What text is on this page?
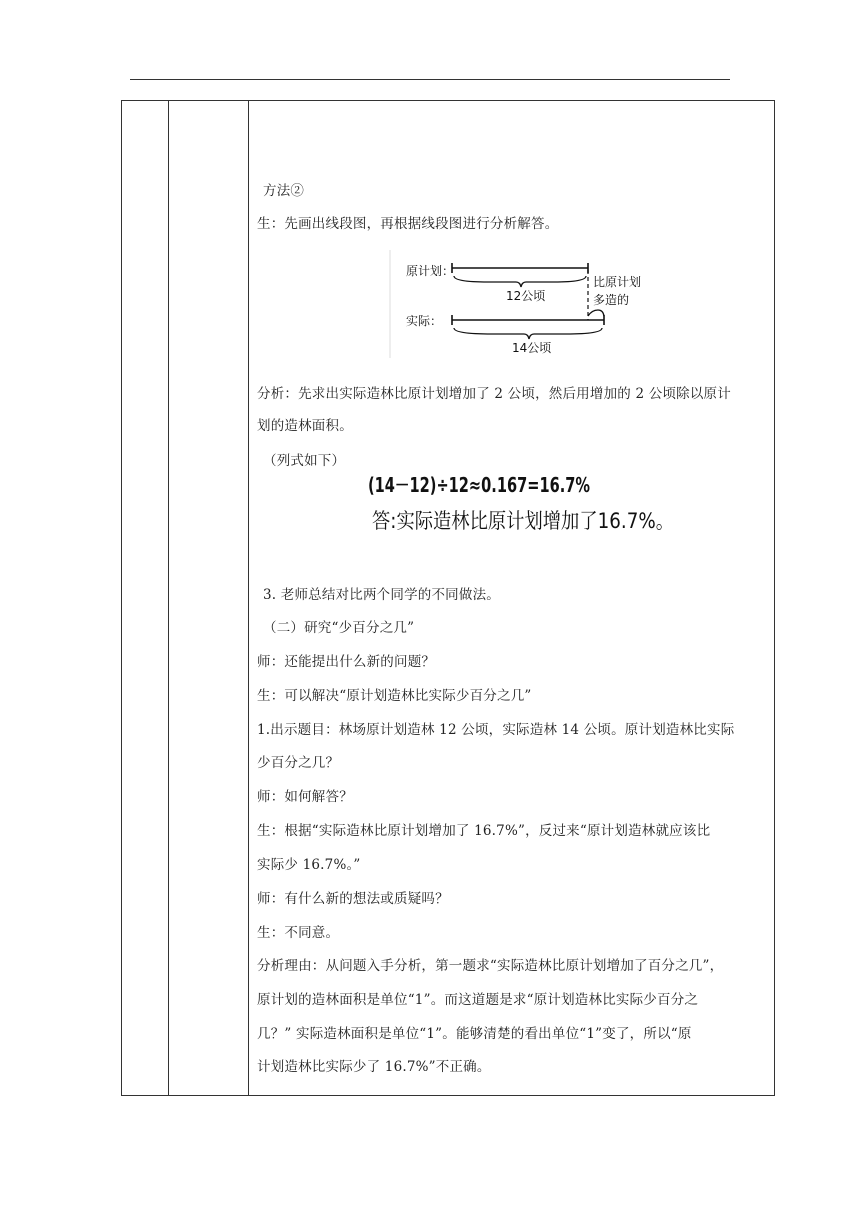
方法②
生：先画出线段图，再根据线段图进行分析解答。
分析：先求出实际造林比原计划增加了 2 公顷，然后用增加的 2 公顷除以原计
划的造林面积。
（列式如下）
3. 老师总结对比两个同学的不同做法。
（二）研究“少百分之几”
师：还能提出什么新的问题？
生：可以解决“原计划造林比实际少百分之几”
1.出示题目：林场原计划造林 12 公顷，实际造林 14 公顷。原计划造林比实际
少百分之几？
师：如何解答？
生：根据“实际造林比原计划增加了 16.7%”，反过来“原计划造林就应该比
实际少 16.7%。”
师：有什么新的想法或质疑吗？
生：不同意。
分析理由：从问题入手分析，第一题求“实际造林比原计划增加了百分之几”，
原计划的造林面积是单位“1”。而这道题是求“原计划造林比实际少百分之
几？” 实际造林面积是单位“1”。能够清楚的看出单位“1”变了，所以“原
计划造林比实际少了 16.7%”不正确。
原计划：
12公顷
比原计划
多造的
实际：
14公顷
(14－12)÷12≈0.167=16.7%
答:实际造林比原计划增加了16.7%。
